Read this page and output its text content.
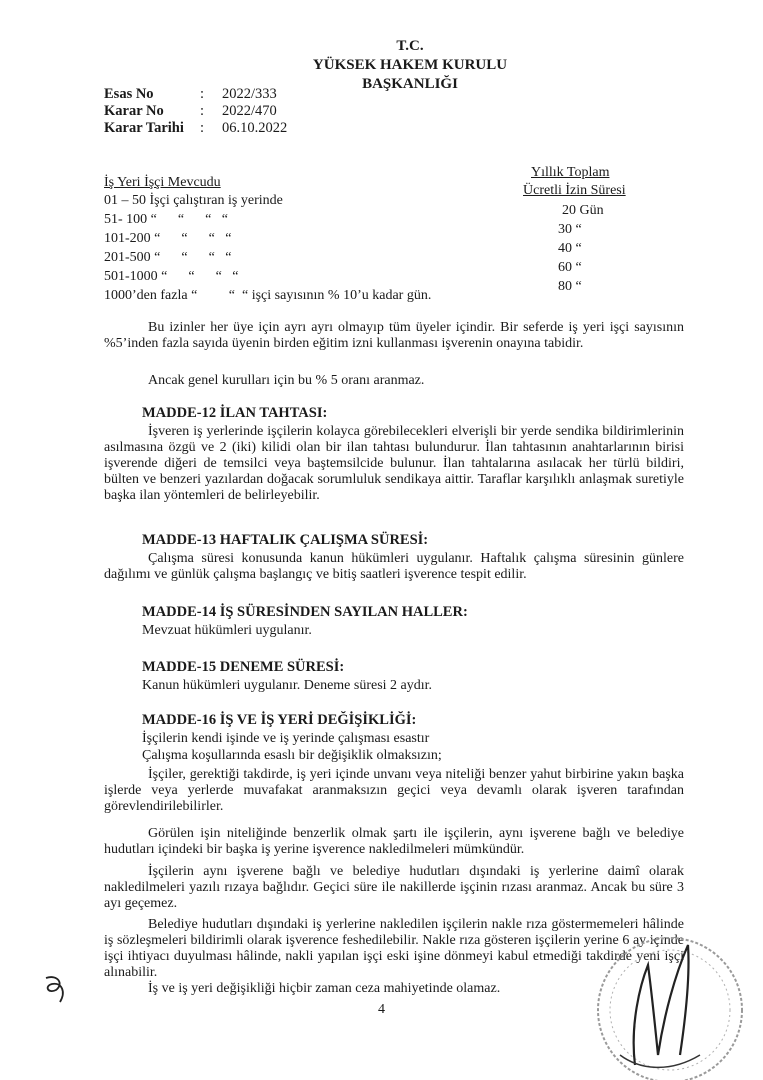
T.C.
YÜKSEK HAKEM KURULU
BAŞKANLIĞI
Esas No	: 2022/333
Karar No	: 2022/470
Karar Tarihi : 06.10.2022
İş Yeri İşçi Mevcudu
Yıllık Toplam
Ücretli İzin Süresi
01 – 50 İşçi çalıştıran iş yerinde
51- 100 “      “      “   “
101-200 “      “      “   “
201-500 “      “      “   “
501-1000 “      “      “   “
1000’den fazla “         “  “ işçi sayısının % 10’u kadar gün.
20 Gün
30 “
40 “
60 “
80 “
Bu izinler her üye için ayrı ayrı olmayıp tüm üyeler içindir. Bir seferde iş yeri işçi sayısının %5’inden fazla sayıda üyenin birden eğitim izni kullanması işverenin onayına tabidir.
Ancak genel kurulları için bu % 5 oranı aranmaz.
MADDE-12 İLAN TAHTASI:
İşveren iş yerlerinde işçilerin kolayca görebilecekleri elverişli bir yerde sendika bildirimlerinin asılmasına özgü ve 2 (iki) kilidi olan bir ilan tahtası bulundurur. İlan tahtasının anahtarlarının birisi işverende diğeri de temsilci veya baştemsilcide bulunur. İlan tahtalarına asılacak her türlü bildiri, bülten ve benzeri yazılardan doğacak sorumluluk sendikaya aittir. Taraflar karşılıklı anlaşmak suretiyle başka ilan yöntemleri de belirleyebilir.
MADDE-13 HAFTALIK ÇALIŞMA SÜRESİ:
Çalışma süresi konusunda kanun hükümleri uygulanır. Haftalık çalışma süresinin günlere dağılımı ve günlük çalışma başlangıç ve bitiş saatleri işverence tespit edilir.
MADDE-14 İŞ SÜRESİNDEN SAYILAN HALLER:
Mevzuat hükümleri uygulanır.
MADDE-15 DENEME SÜRESİ:
Kanun hükümleri uygulanır. Deneme süresi 2 aydır.
MADDE-16 İŞ VE İŞ YERİ DEĞİŞİKLİĞİ:
İşçilerin kendi işinde ve iş yerinde çalışması esastır
Çalışma koşullarında esaslı bir değişiklik olmaksızın;
İşçiler, gerektiği takdirde, iş yeri içinde unvanı veya niteliği benzer yahut birbirine yakın başka işlerde veya yerlerde muvafakat aranmaksızın geçici veya devamlı olarak işveren tarafından görevlendirilebilirler.
Görülen işin niteliğinde benzerlik olmak şartı ile işçilerin, aynı işverene bağlı ve belediye hudutları içindeki bir başka iş yerine işverence nakledilmeleri mümkündür.
İşçilerin aynı işverene bağlı ve belediye hudutları dışındaki iş yerlerine daimî olarak nakledilmeleri yazılı rızaya bağlıdır. Geçici süre ile nakillerde işçinin rızası aranmaz. Ancak bu süre 3 ayı geçemez.
Belediye hudutları dışındaki iş yerlerine nakledilen işçilerin nakle rıza göstermemeleri hâlinde iş sözleşmeleri bildirimli olarak işverence feshedilebilir. Nakle rıza gösteren işçilerin yerine 6 ay içinde işçi ihtiyacı duyulması hâlinde, nakli yapılan işçi eski işine dönmeyi kabul etmediği takdirde yeni işçi alınabilir.
İş ve iş yeri değişikliği hiçbir zaman ceza mahiyetinde olamaz.
4
